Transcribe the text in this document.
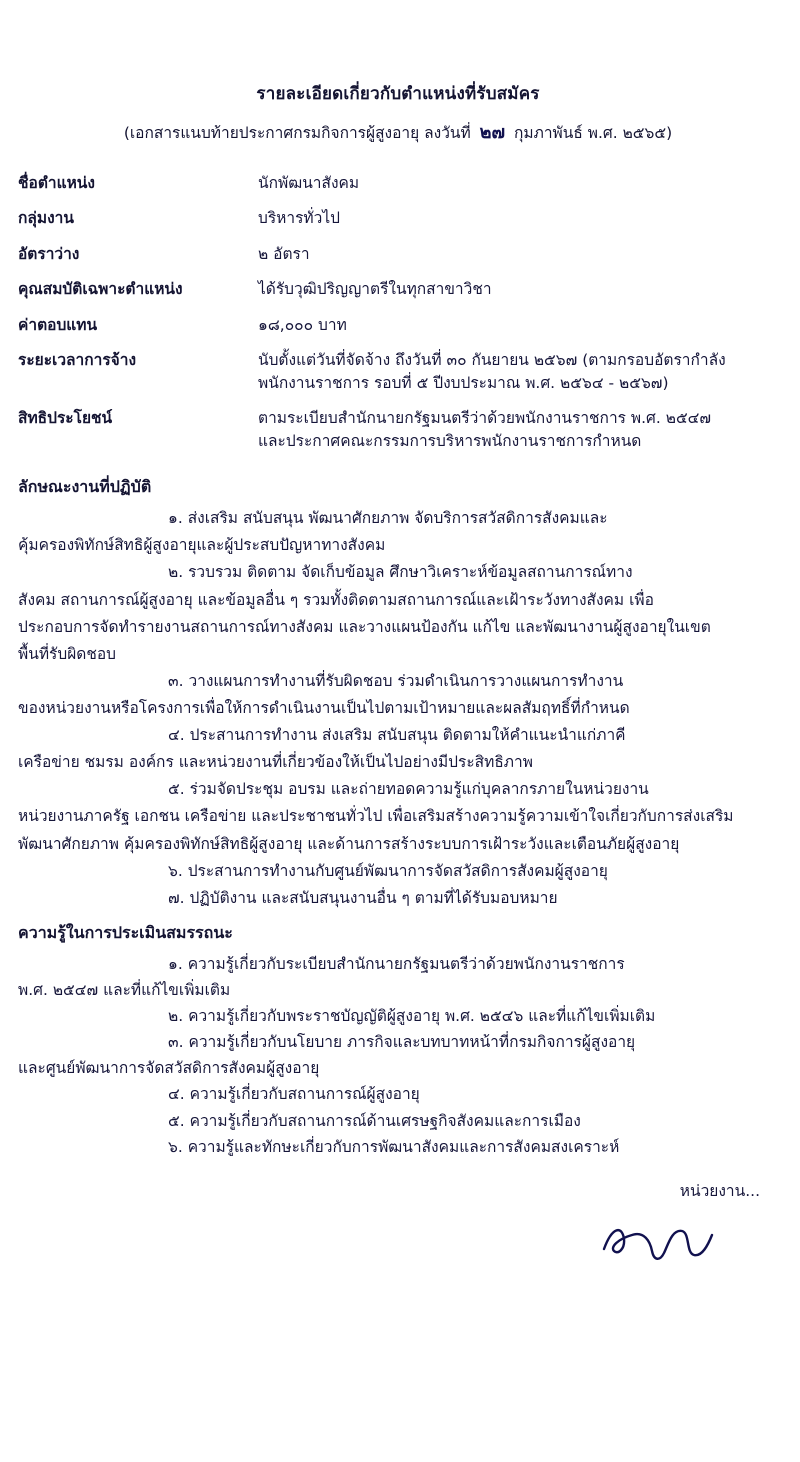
รายละเอียดเกี่ยวกับตำแหน่งที่รับสมัคร
(เอกสารแนบท้ายประกาศกรมกิจการผู้สูงอายุ ลงวันที่ ๒๗ กุมภาพันธ์ พ.ศ. ๒๕๖๕)
ชื่อตำแหน่ง	นักพัฒนาสังคม
กลุ่มงาน	บริหารทั่วไป
อัตราว่าง	๒ อัตรา
คุณสมบัติเฉพาะตำแหน่ง	ได้รับวุฒิปริญญาตรีในทุกสาขาวิชา
ค่าตอบแทน	๑๘,๐๐๐ บาท
ระยะเวลาการจ้าง	นับตั้งแต่วันที่จัดจ้าง ถึงวันที่ ๓๐ กันยายน ๒๕๖๗ (ตามกรอบอัตรากำลัง
พนักงานราชการ รอบที่ ๕ ปีงบประมาณ พ.ศ. ๒๕๖๔ - ๒๕๖๗)

สิทธิประโยชน์	ตามระเบียบสำนักนายกรัฐมนตรีว่าด้วยพนักงานราชการ พ.ศ. ๒๕๔๗
และประกาศคณะกรรมการบริหารพนักงานราชการกำหนด
ลักษณะงานที่ปฏิบัติ

๑. ส่งเสริม สนับสนุน พัฒนาศักยภาพ จัดบริการสวัสดิการสังคมและ

คุ้มครองพิทักษ์สิทธิผู้สูงอายุและผู้ประสบปัญหาทางสังคม

๒. รวบรวม ติดตาม จัดเก็บข้อมูล ศึกษาวิเคราะห์ข้อมูลสถานการณ์ทาง

สังคม สถานการณ์ผู้สูงอายุ และข้อมูลอื่น ๆ รวมทั้งติดตามสถานการณ์และเฝ้าระวังทางสังคม เพื่อ

ประกอบการจัดทำรายงานสถานการณ์ทางสังคม และวางแผนป้องกัน แก้ไข และพัฒนางานผู้สูงอายุในเขต

พื้นที่รับผิดชอบ

๓. วางแผนการทำงานที่รับผิดชอบ ร่วมดำเนินการวางแผนการทำงาน

ของหน่วยงานหรือโครงการเพื่อให้การดำเนินงานเป็นไปตามเป้าหมายและผลสัมฤทธิ์ที่กำหนด

๔. ประสานการทำงาน ส่งเสริม สนับสนุน ติดตามให้คำแนะนำแก่ภาคี

เครือข่าย ชมรม องค์กร และหน่วยงานที่เกี่ยวข้องให้เป็นไปอย่างมีประสิทธิภาพ

๕. ร่วมจัดประชุม อบรม และถ่ายทอดความรู้แก่บุคลากรภายในหน่วยงาน

หน่วยงานภาครัฐ เอกชน เครือข่าย และประชาชนทั่วไป เพื่อเสริมสร้างความรู้ความเข้าใจเกี่ยวกับการส่งเสริม

พัฒนาศักยภาพ คุ้มครองพิทักษ์สิทธิผู้สูงอายุ และด้านการสร้างระบบการเฝ้าระวังและเตือนภัยผู้สูงอายุ

๖. ประสานการทำงานกับศูนย์พัฒนาการจัดสวัสดิการสังคมผู้สูงอายุ

๗. ปฏิบัติงาน และสนับสนุนงานอื่น ๆ ตามที่ได้รับมอบหมาย

ความรู้ในการประเมินสมรรถนะ

๑. ความรู้เกี่ยวกับระเบียบสำนักนายกรัฐมนตรีว่าด้วยพนักงานราชการ

พ.ศ. ๒๕๔๗ และที่แก้ไขเพิ่มเติม

๒. ความรู้เกี่ยวกับพระราชบัญญัติผู้สูงอายุ พ.ศ. ๒๕๔๖ และที่แก้ไขเพิ่มเติม

๓. ความรู้เกี่ยวกับนโยบาย ภารกิจและบทบาทหน้าที่กรมกิจการผู้สูงอายุ

และศูนย์พัฒนาการจัดสวัสดิการสังคมผู้สูงอายุ

๔. ความรู้เกี่ยวกับสถานการณ์ผู้สูงอายุ

๕. ความรู้เกี่ยวกับสถานการณ์ด้านเศรษฐกิจสังคมและการเมือง

๖. ความรู้และทักษะเกี่ยวกับการพัฒนาสังคมและการสังคมสงเคราะห์

หน่วยงาน...
